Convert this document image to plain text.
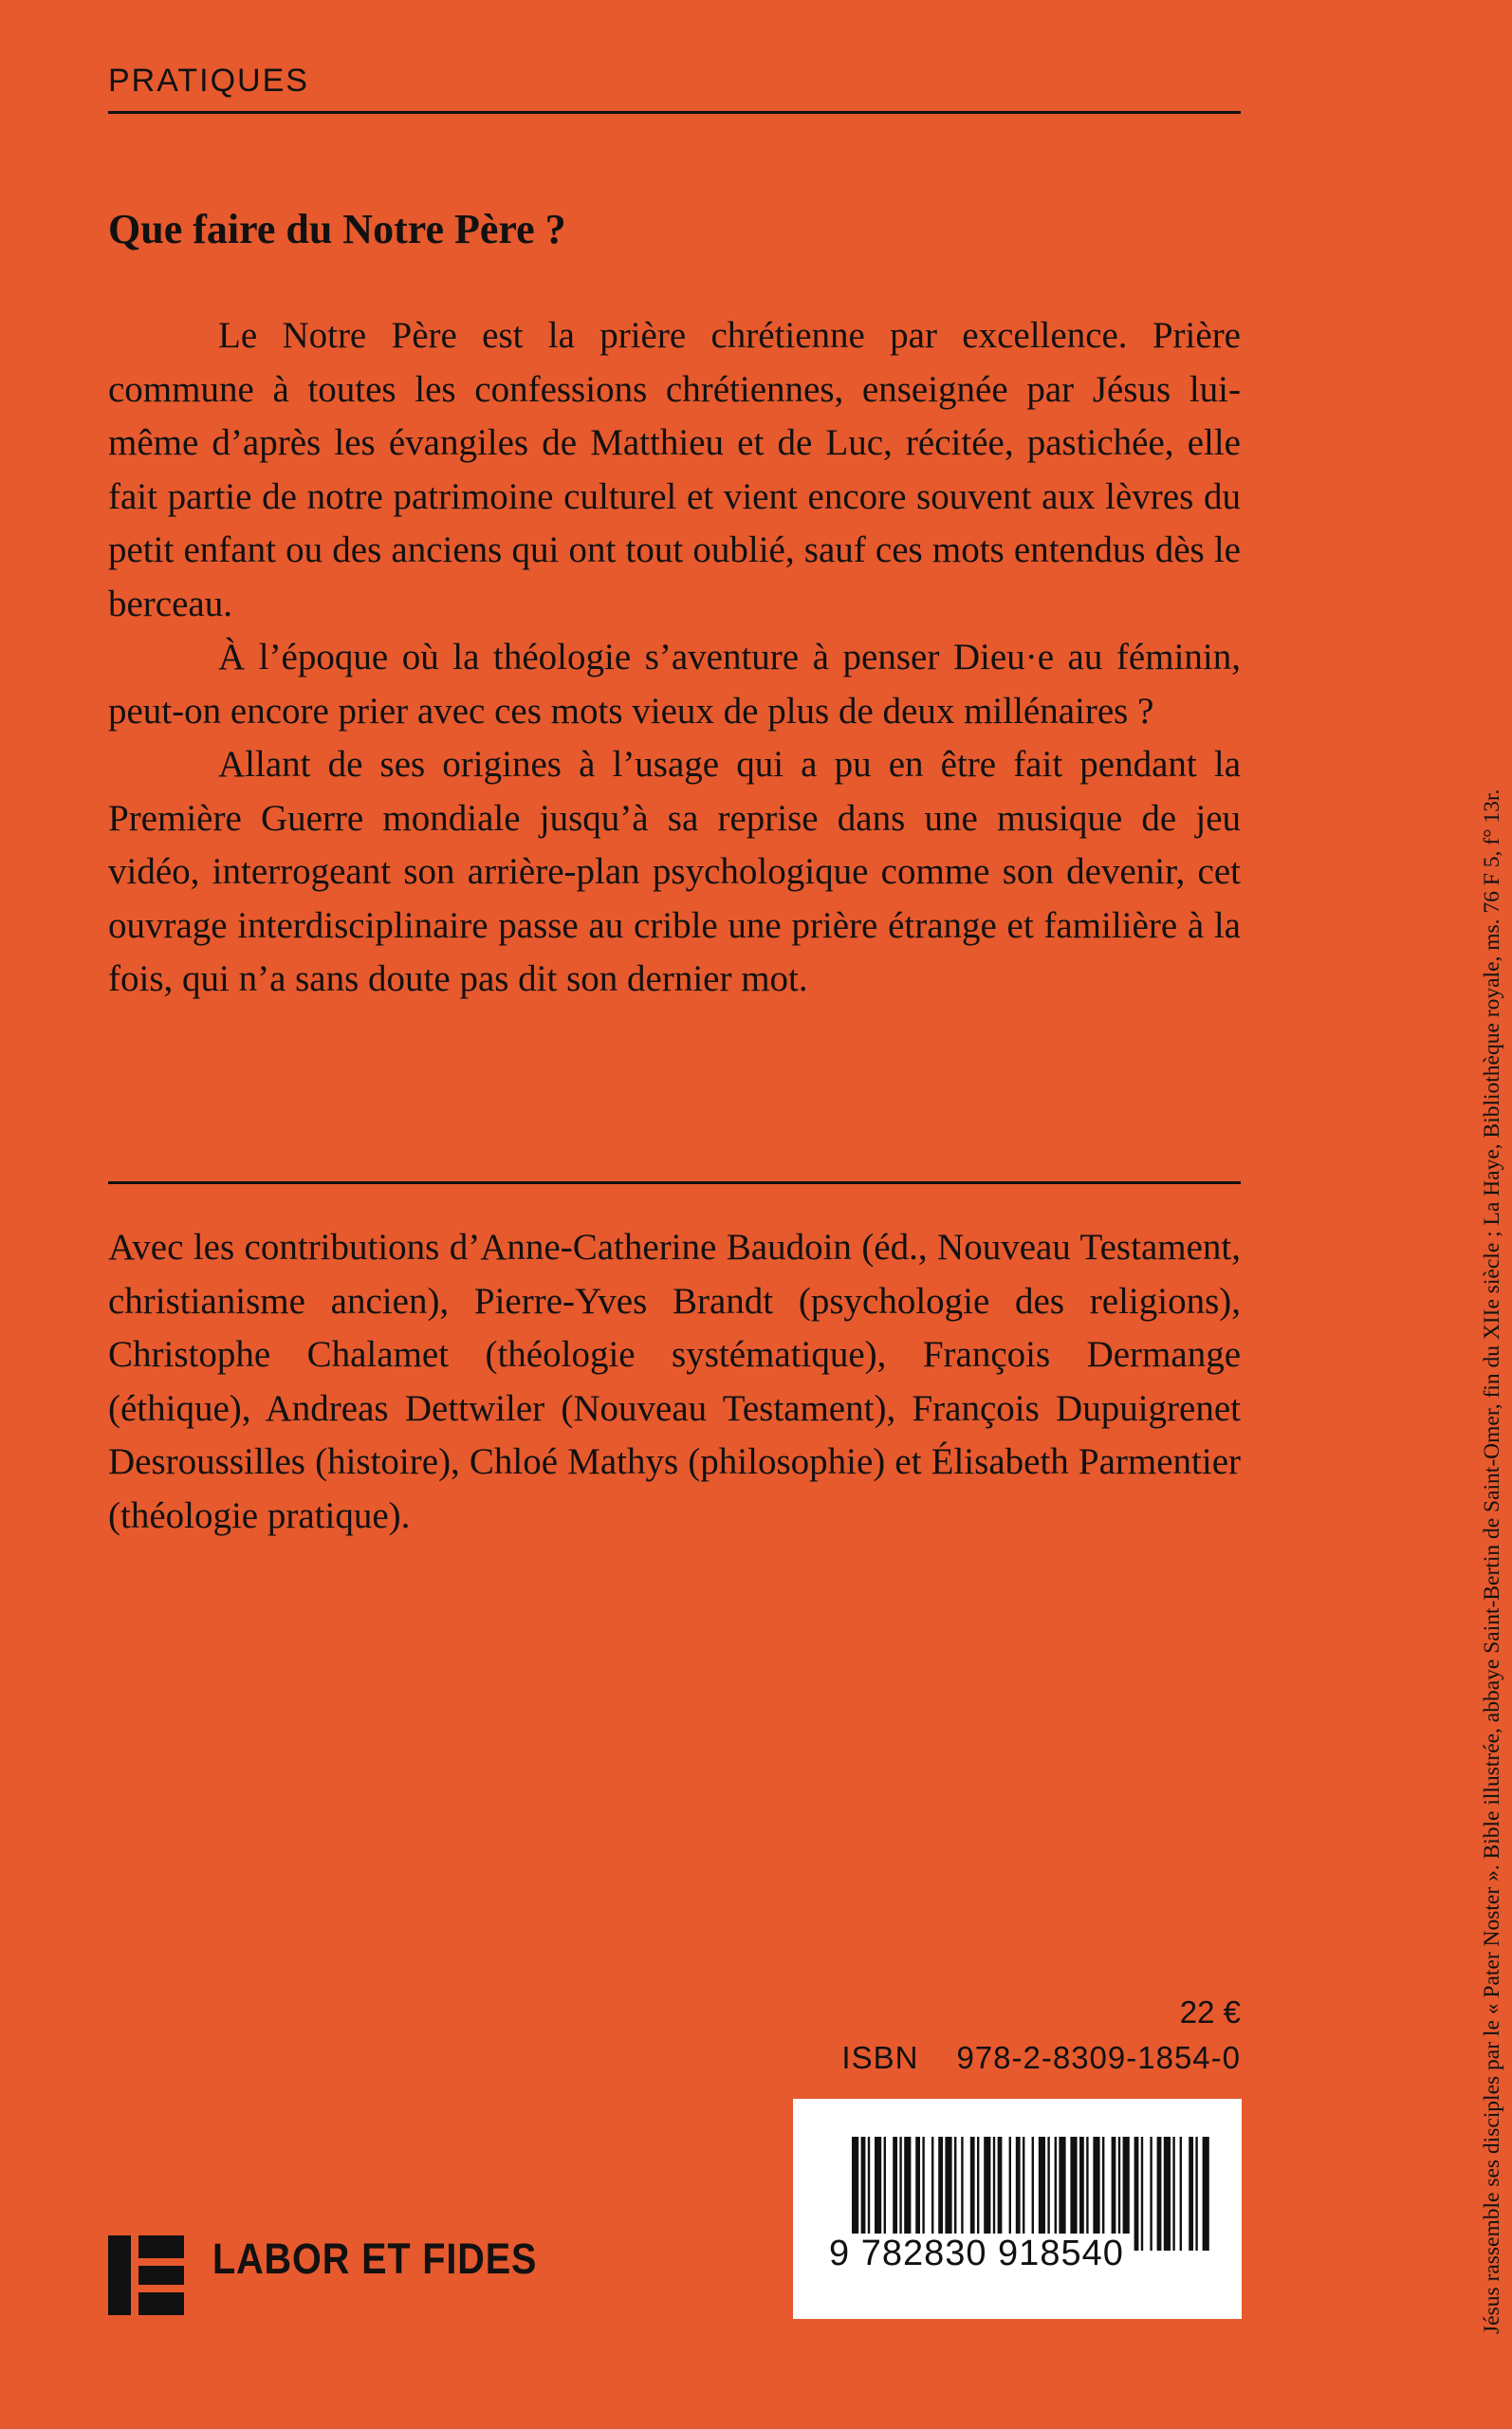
PRATIQUES
Que faire du Notre Père ?

Le Notre Père est la prière chrétienne par excellence. Prière commune à toutes les confessions chrétiennes, enseignée par Jésus lui-même d’après les évangiles de Matthieu et de Luc, récitée, pastichée, elle fait partie de notre patrimoine culturel et vient encore souvent aux lèvres du petit enfant ou des anciens qui ont tout oublié, sauf ces mots entendus dès le berceau.

À l’époque où la théologie s’aventure à penser Dieu·e au féminin, peut-on encore prier avec ces mots vieux de plus de deux millénaires ?

Allant de ses origines à l’usage qui a pu en être fait pendant la Première Guerre mondiale jusqu’à sa reprise dans une musique de jeu vidéo, interrogeant son arrière-plan psychologique comme son devenir, cet ouvrage interdisciplinaire passe au crible une prière étrange et familière à la fois, qui n’a sans doute pas dit son dernier mot.

Avec les contributions d’Anne-Catherine Baudoin (éd., Nouveau Testament, christianisme ancien), Pierre-Yves Brandt (psychologie des religions), Christophe Chalamet (théologie systématique), François Dermange (éthique), Andreas Dettwiler (Nouveau Testament), François Dupuigrenet Desroussilles (histoire), Chloé Mathys (philosophie) et Élisabeth Parmentier (théologie pratique).

22 €
ISBN 978-2-8309-1854-0
9 782830 918540
LABOR ET FIDES	Jésus rassemble ses disciples par le « Pater Noster ». Bible illustrée, abbaye Saint-Bertin de Saint-Omer, fin du XIIe siècle ; La Haye, Bibliothèque royale, ms. 76 F 5, f° 13r.
